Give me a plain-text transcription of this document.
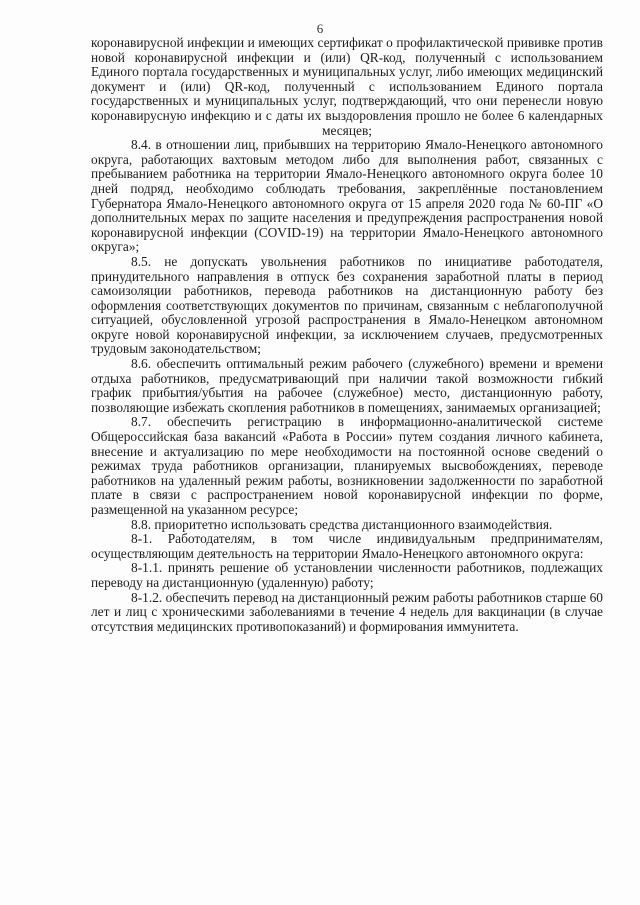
6

коронавирусной инфекции и имеющих сертификат о профилактической прививке против новой коронавирусной инфекции и (или) QR-код, полученный с использованием Единого портала государственных и муниципальных услуг, либо имеющих медицинский документ и (или) QR-код, полученный с использованием Единого портала государственных и муниципальных услуг, подтверждающий, что они перенесли новую коронавирусную инфекцию и с даты их выздоровления прошло не более 6 календарных месяцев;

8.4. в отношении лиц, прибывших на территорию Ямало-Ненецкого автономного округа, работающих вахтовым методом либо для выполнения работ, связанных с пребыванием работника на территории Ямало-Ненецкого автономного округа более 10 дней подряд, необходимо соблюдать требования, закреплённые постановлением Губернатора Ямало-Ненецкого автономного округа от 15 апреля 2020 года № 60-ПГ «О дополнительных мерах по защите населения и предупреждения распространения новой коронавирусной инфекции (COVID-19) на территории Ямало-Ненецкого автономного округа»;

8.5. не допускать увольнения работников по инициативе работодателя, принудительного направления в отпуск без сохранения заработной платы в период самоизоляции работников, перевода работников на дистанционную работу без оформления соответствующих документов по причинам, связанным с неблагополучной ситуацией, обусловленной угрозой распространения в Ямало-Ненецком автономном округе новой коронавирусной инфекции, за исключением случаев, предусмотренных трудовым законодательством;

8.6. обеспечить оптимальный режим рабочего (служебного) времени и времени отдыха работников, предусматривающий при наличии такой возможности гибкий график прибытия/убытия на рабочее (служебное) место, дистанционную работу, позволяющие избежать скопления работников в помещениях, занимаемых организацией;

8.7. обеспечить регистрацию в информационно-аналитической системе Общероссийская база вакансий «Работа в России» путем создания личного кабинета, внесение и актуализацию по мере необходимости на постоянной основе сведений о режимах труда работников организации, планируемых высвобождениях, переводе работников на удаленный режим работы, возникновении задолженности по заработной плате в связи с распространением новой коронавирусной инфекции по форме, размещенной на указанном ресурсе;

8.8. приоритетно использовать средства дистанционного взаимодействия.

8-1. Работодателям, в том числе индивидуальным предпринимателям, осуществляющим деятельность на территории Ямало-Ненецкого автономного округа:

8-1.1. принять решение об установлении численности работников, подлежащих переводу на дистанционную (удаленную) работу;

8-1.2. обеспечить перевод на дистанционный режим работы работников старше 60 лет и лиц с хроническими заболеваниями в течение 4 недель для вакцинации (в случае отсутствия медицинских противопоказаний) и формирования иммунитета.
